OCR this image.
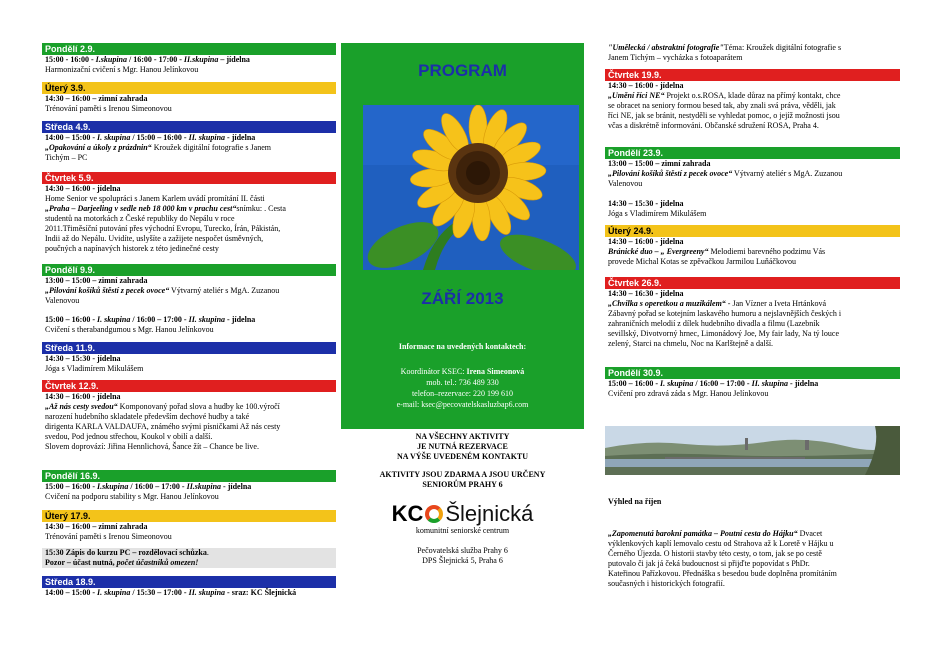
Pondělí 2.9.
15:00 - 16:00 - I.skupina / 16:00 - 17:00 - II.skupina – jídelna
Harmonizační cvičení s Mgr. Hanou Jelínkovou
Úterý 3.9.
14:30 – 16:00 – zimní zahrada
Trénování paměti s Irenou Simeonovou
Středa 4.9.
14:00 – 15:00 - I. skupina / 15:00 – 16:00 - II. skupina - jídelna
„Opakování a úkoly z prázdnin“ Kroužek digitální fotografie s Janem
Tichým – PC
Čtvrtek 5.9.
14:30 – 16:00 - jídelna
Home Senior ve spolupráci s Janem Karlem uvádí promítání II. části
„Praha – Darjeeling v sedle neb 18 000 km v prachu cest“snímku: . Cesta
studentů na motorkách z České republiky do Nepálu v roce
2011.Třiměsíční putování přes východní Evropu, Turecko, Írán, Pákistán,
Indii až do Nepálu. Uvidíte, uslyšíte a zažijete nespočet úsměvných,
poučných a napínavých historek z této jedinečné cesty
Pondělí 9.9.
13:00 – 15:00 – zimní zahrada
„Pilování košíků štěstí z pecek ovoce“ Výtvarný ateliér s MgA. Zuzanou
Valenovou
15:00 – 16:00 - I. skupina / 16:00 – 17:00 - II. skupina - jídelna
Cvičení s therabandgumou s Mgr. Hanou Jelínkovou
Středa 11.9.
14:30 – 15:30 - jídelna
Jóga s Vladimírem Mikulášem
Čtvrtek 12.9.
14:30 – 16:00 - jídelna
„Až nás cesty svedou“ Komponovaný pořad slova a hudby ke 100.výročí
narození hudebního skladatele především dechové hudby a také
dirigenta KARLA VALDAUFA, známého svými písničkami Až nás cesty
svedou, Pod jednou střechou, Koukol v obilí a další.
Slovem doprovází: Jiřina Hennlichová, Šance žít – Chance be live.
Pondělí 16.9.
15:00 – 16:00 - I.skupina / 16:00 – 17:00 - II.skupina - jídelna
Cvičení na podporu stability s Mgr. Hanou Jelínkovou
Úterý 17.9.
14:30 – 16:00 – zimní zahrada
Trénování paměti s Irenou Simeonovou
15:30 Zápis do kurzu PC – rozdělovací schůzka.
Pozor – účast nutná, počet účastníků omezen!
Středa 18.9.
14:00 – 15:00 - I. skupina / 15:30 – 17:00 - II. skupina - sraz: KC Šlejnická
PROGRAM
ZÁŘÍ 2013
Informace na uvedených kontaktech:
Koordinátor KSEC: Irena Simeonová
mob. tel.: 736 489 330
telefon–rezervace: 220 199 610
e-mail: ksec@pecovatelskasluzbap6.com
NA VŠECHNY AKTIVITY
JE NUTNÁ REZERVACE
NA VÝŠE UVEDENÉM KONTAKTU
AKTIVITY JSOU ZDARMA A JSOU URČENY
SENIORŮM PRAHY 6
KC Šlejnická
komunitní seniorské centrum
Pečovatelská služba Prahy 6
DPS Šlejnická 5, Praha 6
"Umělecká / abstraktní fotografie"Téma: Kroužek digitální fotografie s
Janem Tichým – vycházka s fotoaparátem
Čtvrtek 19.9.
14:30 – 16:00 - jídelna
„Umění říci NE“ Projekt o.s.ROSA, klade důraz na přímý kontakt, chce
se obracet na seniory formou besed tak, aby znali svá práva, věděli, jak
říci NE, jak se bránit, nestyděli se vyhledat pomoc, o jejíž možnosti jsou
včas a diskrétně informováni. Občanské sdružení ROSA, Praha 4.
Pondělí 23.9.
13:00 – 15:00 – zimní zahrada
„Pilování košíků štěstí z pecek ovoce“ Výtvarný ateliér s MgA. Zuzanou
Valenovou
14:30 – 15:30 - jídelna
Jóga s Vladimírem Mikulášem
Úterý 24.9.
14:30 – 16:00 - jídelna
Bránické duo – „ Evergreeny“ Melodiemi barevného podzimu Vás
provede Michal Kotas se zpěvačkou Jarmilou Luňáčkovou
Čtvrtek 26.9.
14:30 – 16:30 - jídelna
„Chvilka s operetkou a muzikálem“ - Jan Vízner a Iveta Hrtánková
Zábavný pořad se kotejním laskavého humoru a nejslavnějších českých i
zahraničních melodií z dílek hudebního divadla a filmu (Lazebník
sevillský, Divotvorný hrnec, Limonádový Joe, My fair lady, Na tý louce
zelený, Starci na chmelu, Noc na Karlštejně a další.
Pondělí 30.9.
15:00 – 16:00 - I. skupina / 16:00 – 17:00 - II. skupina - jídelna
Cvičení pro zdravá záda s Mgr. Hanou Jelínkovou
Výhled na říjen
„Zapomenutá barokní památka – Poutní cesta do Hájku“ Dvacet
výklenkových kaplí lemovalo cestu od Strahova až k Loretě v Hájku u
Černého Újezda. O historii stavby této cesty, o tom, jak se po cestě
putovalo či jak já čeká budoucnost si přijďte popovídat s PhDr.
Kateřinou Pařízkovou. Přednáška s besedou bude doplněna promítáním
současných i historických fotografií.
